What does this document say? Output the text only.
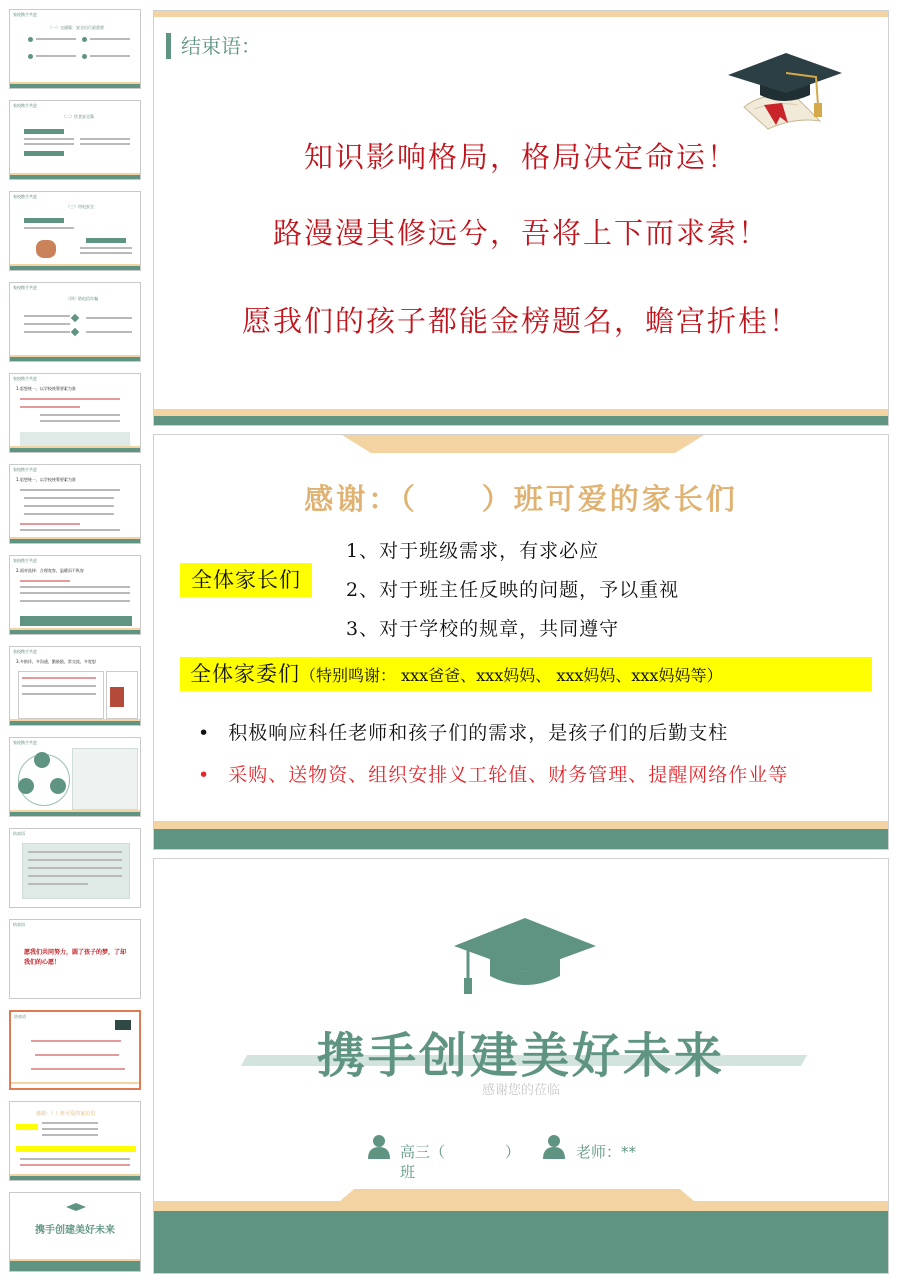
家校携手共进
（一）交通篇：安全出行最重要
家校携手共进
（二）饮食安全篇
家校携手共进
（三）用电安全
家校携手共进
（四）防电信诈骗
家校携手共进
1.思想统一，以学校统筹要素为准
家校携手共进
1.思想统一，以学校统筹要素为准
家校携手共进
2.面对选择：合理宽容，温暖而不纵容
家校携手共进
3.多陪伴，多沟通，勤鼓励，常交流，多宽慰
家校携手共进
结束语
结束语
愿我们共同努力，圆了孩子的梦，了却我们的心愿！
结束语
感谢：（ ）班可爱的家长们
携手创建美好未来
结束语：
知识影响格局，格局决定命运！
路漫漫其修远兮，吾将上下而求索！
愿我们的孩子都能金榜题名，蟾宫折桂！
感谢：（　　）班可爱的家长们
全体家长们
1、对于班级需求，有求必应
2、对于班主任反映的问题，予以重视
3、对于学校的规章，共同遵守
全体家委们（特别鸣谢： xxx爸爸、xxx妈妈、 xxx妈妈、xxx妈妈等）
• 积极响应科任老师和孩子们的需求，是孩子们的后勤支柱
• 采购、送物资、组织安排义工轮值、财务管理、提醒网络作业等
携手创建美好未来
感谢您的莅临
高三（　　　　）
班
老师：**
